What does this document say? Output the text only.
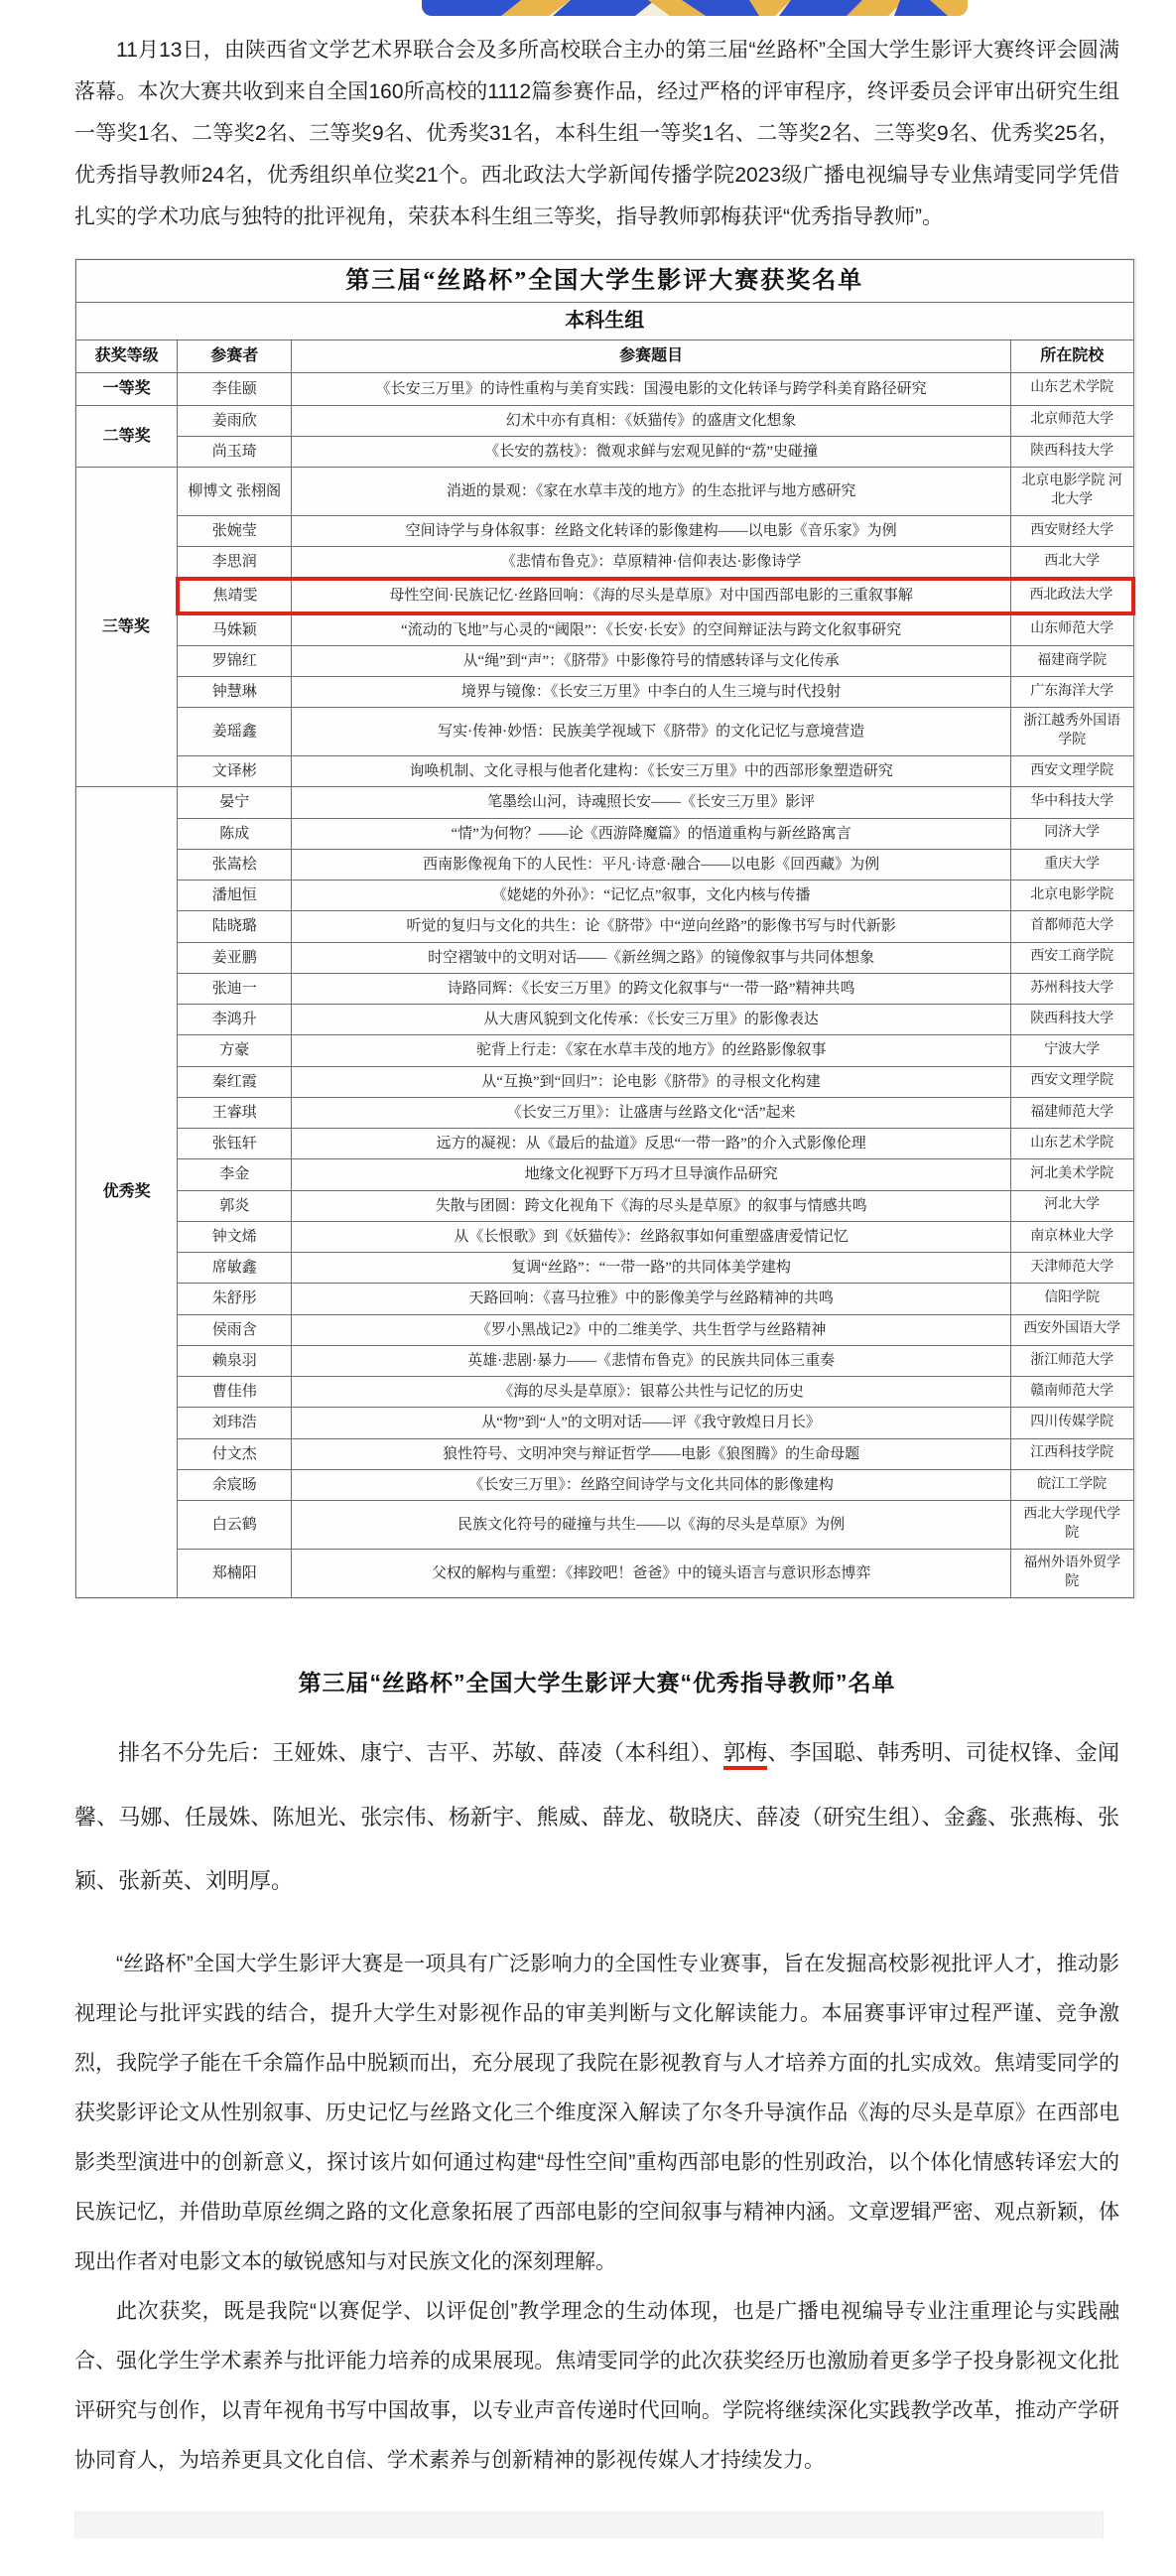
11月13日，由陕西省文学艺术界联合会及多所高校联合主办的第三届“丝路杯”全国大学生影评大赛终评会圆满落幕。本次大赛共收到来自全国160所高校的1112篇参赛作品，经过严格的评审程序，终评委员会评审出研究生组一等奖1名、二等奖2名、三等奖9名、优秀奖31名，本科生组一等奖1名、二等奖2名、三等奖9名、优秀奖25名，优秀指导教师24名，优秀组织单位奖21个。西北政法大学新闻传播学院2023级广播电视编导专业焦靖雯同学凭借扎实的学术功底与独特的批评视角，荣获本科生组三等奖，指导教师郭梅获评“优秀指导教师”。

第三届“丝路杯”全国大学生影评大赛获奖名单			
本科生组			
获奖等级	参赛者	参赛题目	所在院校
一等奖	李佳颐	《长安三万里》的诗性重构与美育实践：国漫电影的文化转译与跨学科美育路径研究	山东艺术学院
二等奖	姜雨欣	幻术中亦有真相：《妖猫传》的盛唐文化想象	北京师范大学
	尚玉琦	《长安的荔枝》：微观求鲜与宏观见鲜的“荔”史碰撞	陕西科技大学
三等奖	柳博文 张栩阁	消逝的景观：《家在水草丰茂的地方》的生态批评与地方感研究	北京电影学院 河北大学
	张婉莹	空间诗学与身体叙事：丝路文化转译的影像建构——以电影《音乐家》为例	西安财经大学
	李思润	《悲情布鲁克》：草原精神·信仰表达·影像诗学	西北大学
	焦靖雯	母性空间·民族记忆·丝路回响：《海的尽头是草原》对中国西部电影的三重叙事解	西北政法大学
	马姝颖	“流动的飞地”与心灵的“阈限”：《长安·长安》的空间辩证法与跨文化叙事研究	山东师范大学
	罗锦红	从“绳”到“声”：《脐带》中影像符号的情感转译与文化传承	福建商学院
	钟慧琳	境界与镜像：《长安三万里》中李白的人生三境与时代投射	广东海洋大学
	姜瑶鑫	写实·传神·妙悟：民族美学视域下《脐带》的文化记忆与意境营造	浙江越秀外国语学院
	文译彬	询唤机制、文化寻根与他者化建构：《长安三万里》中的西部形象塑造研究	西安文理学院
优秀奖	晏宁	笔墨绘山河，诗魂照长安——《长安三万里》影评	华中科技大学
	陈成	“情”为何物？——论《西游降魔篇》的悟道重构与新丝路寓言	同济大学
	张嵩桧	西南影像视角下的人民性：平凡·诗意·融合——以电影《回西藏》为例	重庆大学
	潘旭恒	《姥姥的外孙》：“记忆点”叙事，文化内核与传播	北京电影学院
	陆晓璐	听觉的复归与文化的共生：论《脐带》中“逆向丝路”的影像书写与时代新影	首都师范大学
	姜亚鹏	时空褶皱中的文明对话——《新丝绸之路》的镜像叙事与共同体想象	西安工商学院
	张迪一	诗路同辉：《长安三万里》的跨文化叙事与“一带一路”精神共鸣	苏州科技大学
	李鸿升	从大唐风貌到文化传承：《长安三万里》的影像表达	陕西科技大学
	方豪	驼背上行走：《家在水草丰茂的地方》的丝路影像叙事	宁波大学
	秦红霞	从“互换”到“回归”：论电影《脐带》的寻根文化构建	西安文理学院
	王睿琪	《长安三万里》：让盛唐与丝路文化“活”起来	福建师范大学
	张钰轩	远方的凝视：从《最后的盐道》反思“一带一路”的介入式影像伦理	山东艺术学院
	李金	地缘文化视野下万玛才旦导演作品研究	河北美术学院
	郭炎	失散与团圆：跨文化视角下《海的尽头是草原》的叙事与情感共鸣	河北大学
	钟文烯	从《长恨歌》到《妖猫传》：丝路叙事如何重塑盛唐爱情记忆	南京林业大学
	席敏鑫	复调“丝路”：“一带一路”的共同体美学建构	天津师范大学
	朱舒彤	天路回响：《喜马拉雅》中的影像美学与丝路精神的共鸣	信阳学院
	侯雨含	《罗小黑战记2》中的二维美学、共生哲学与丝路精神	西安外国语大学
	赖泉羽	英雄·悲剧·暴力——《悲情布鲁克》的民族共同体三重奏	浙江师范大学
	曹佳伟	《海的尽头是草原》：银幕公共性与记忆的历史	赣南师范大学
	刘玮浩	从“物”到“人”的文明对话——评《我守敦煌日月长》	四川传媒学院
	付文杰	狼性符号、文明冲突与辩证哲学——电影《狼图腾》的生命母题	江西科技学院
	余宸旸	《长安三万里》：丝路空间诗学与文化共同体的影像建构	皖江工学院
	白云鹤	民族文化符号的碰撞与共生——以《海的尽头是草原》为例	西北大学现代学院
	郑楠阳	父权的解构与重塑：《摔跤吧！爸爸》中的镜头语言与意识形态博弈	福州外语外贸学院
第三届“丝路杯”全国大学生影评大赛“优秀指导教师”名单

排名不分先后：王娅姝、康宁、吉平、苏敏、薛凌（本科组）、郭梅、李国聪、韩秀明、司徒权锋、金闻馨、马娜、任晟姝、陈旭光、张宗伟、杨新宇、熊威、薛龙、敬晓庆、薛凌（研究生组）、金鑫、张燕梅、张颖、张新英、刘明厚。

“丝路杯”全国大学生影评大赛是一项具有广泛影响力的全国性专业赛事，旨在发掘高校影视批评人才，推动影视理论与批评实践的结合，提升大学生对影视作品的审美判断与文化解读能力。本届赛事评审过程严谨、竞争激烈，我院学子能在千余篇作品中脱颖而出，充分展现了我院在影视教育与人才培养方面的扎实成效。焦靖雯同学的获奖影评论文从性别叙事、历史记忆与丝路文化三个维度深入解读了尔冬升导演作品《海的尽头是草原》在西部电影类型演进中的创新意义，探讨该片如何通过构建“母性空间”重构西部电影的性别政治，以个体化情感转译宏大的民族记忆，并借助草原丝绸之路的文化意象拓展了西部电影的空间叙事与精神内涵。文章逻辑严密、观点新颖，体现出作者对电影文本的敏锐感知与对民族文化的深刻理解。

此次获奖，既是我院“以赛促学、以评促创”教学理念的生动体现，也是广播电视编导专业注重理论与实践融合、强化学生学术素养与批评能力培养的成果展现。焦靖雯同学的此次获奖经历也激励着更多学子投身影视文化批评研究与创作，以青年视角书写中国故事，以专业声音传递时代回响。学院将继续深化实践教学改革，推动产学研协同育人，为培养更具文化自信、学术素养与创新精神的影视传媒人才持续发力。
